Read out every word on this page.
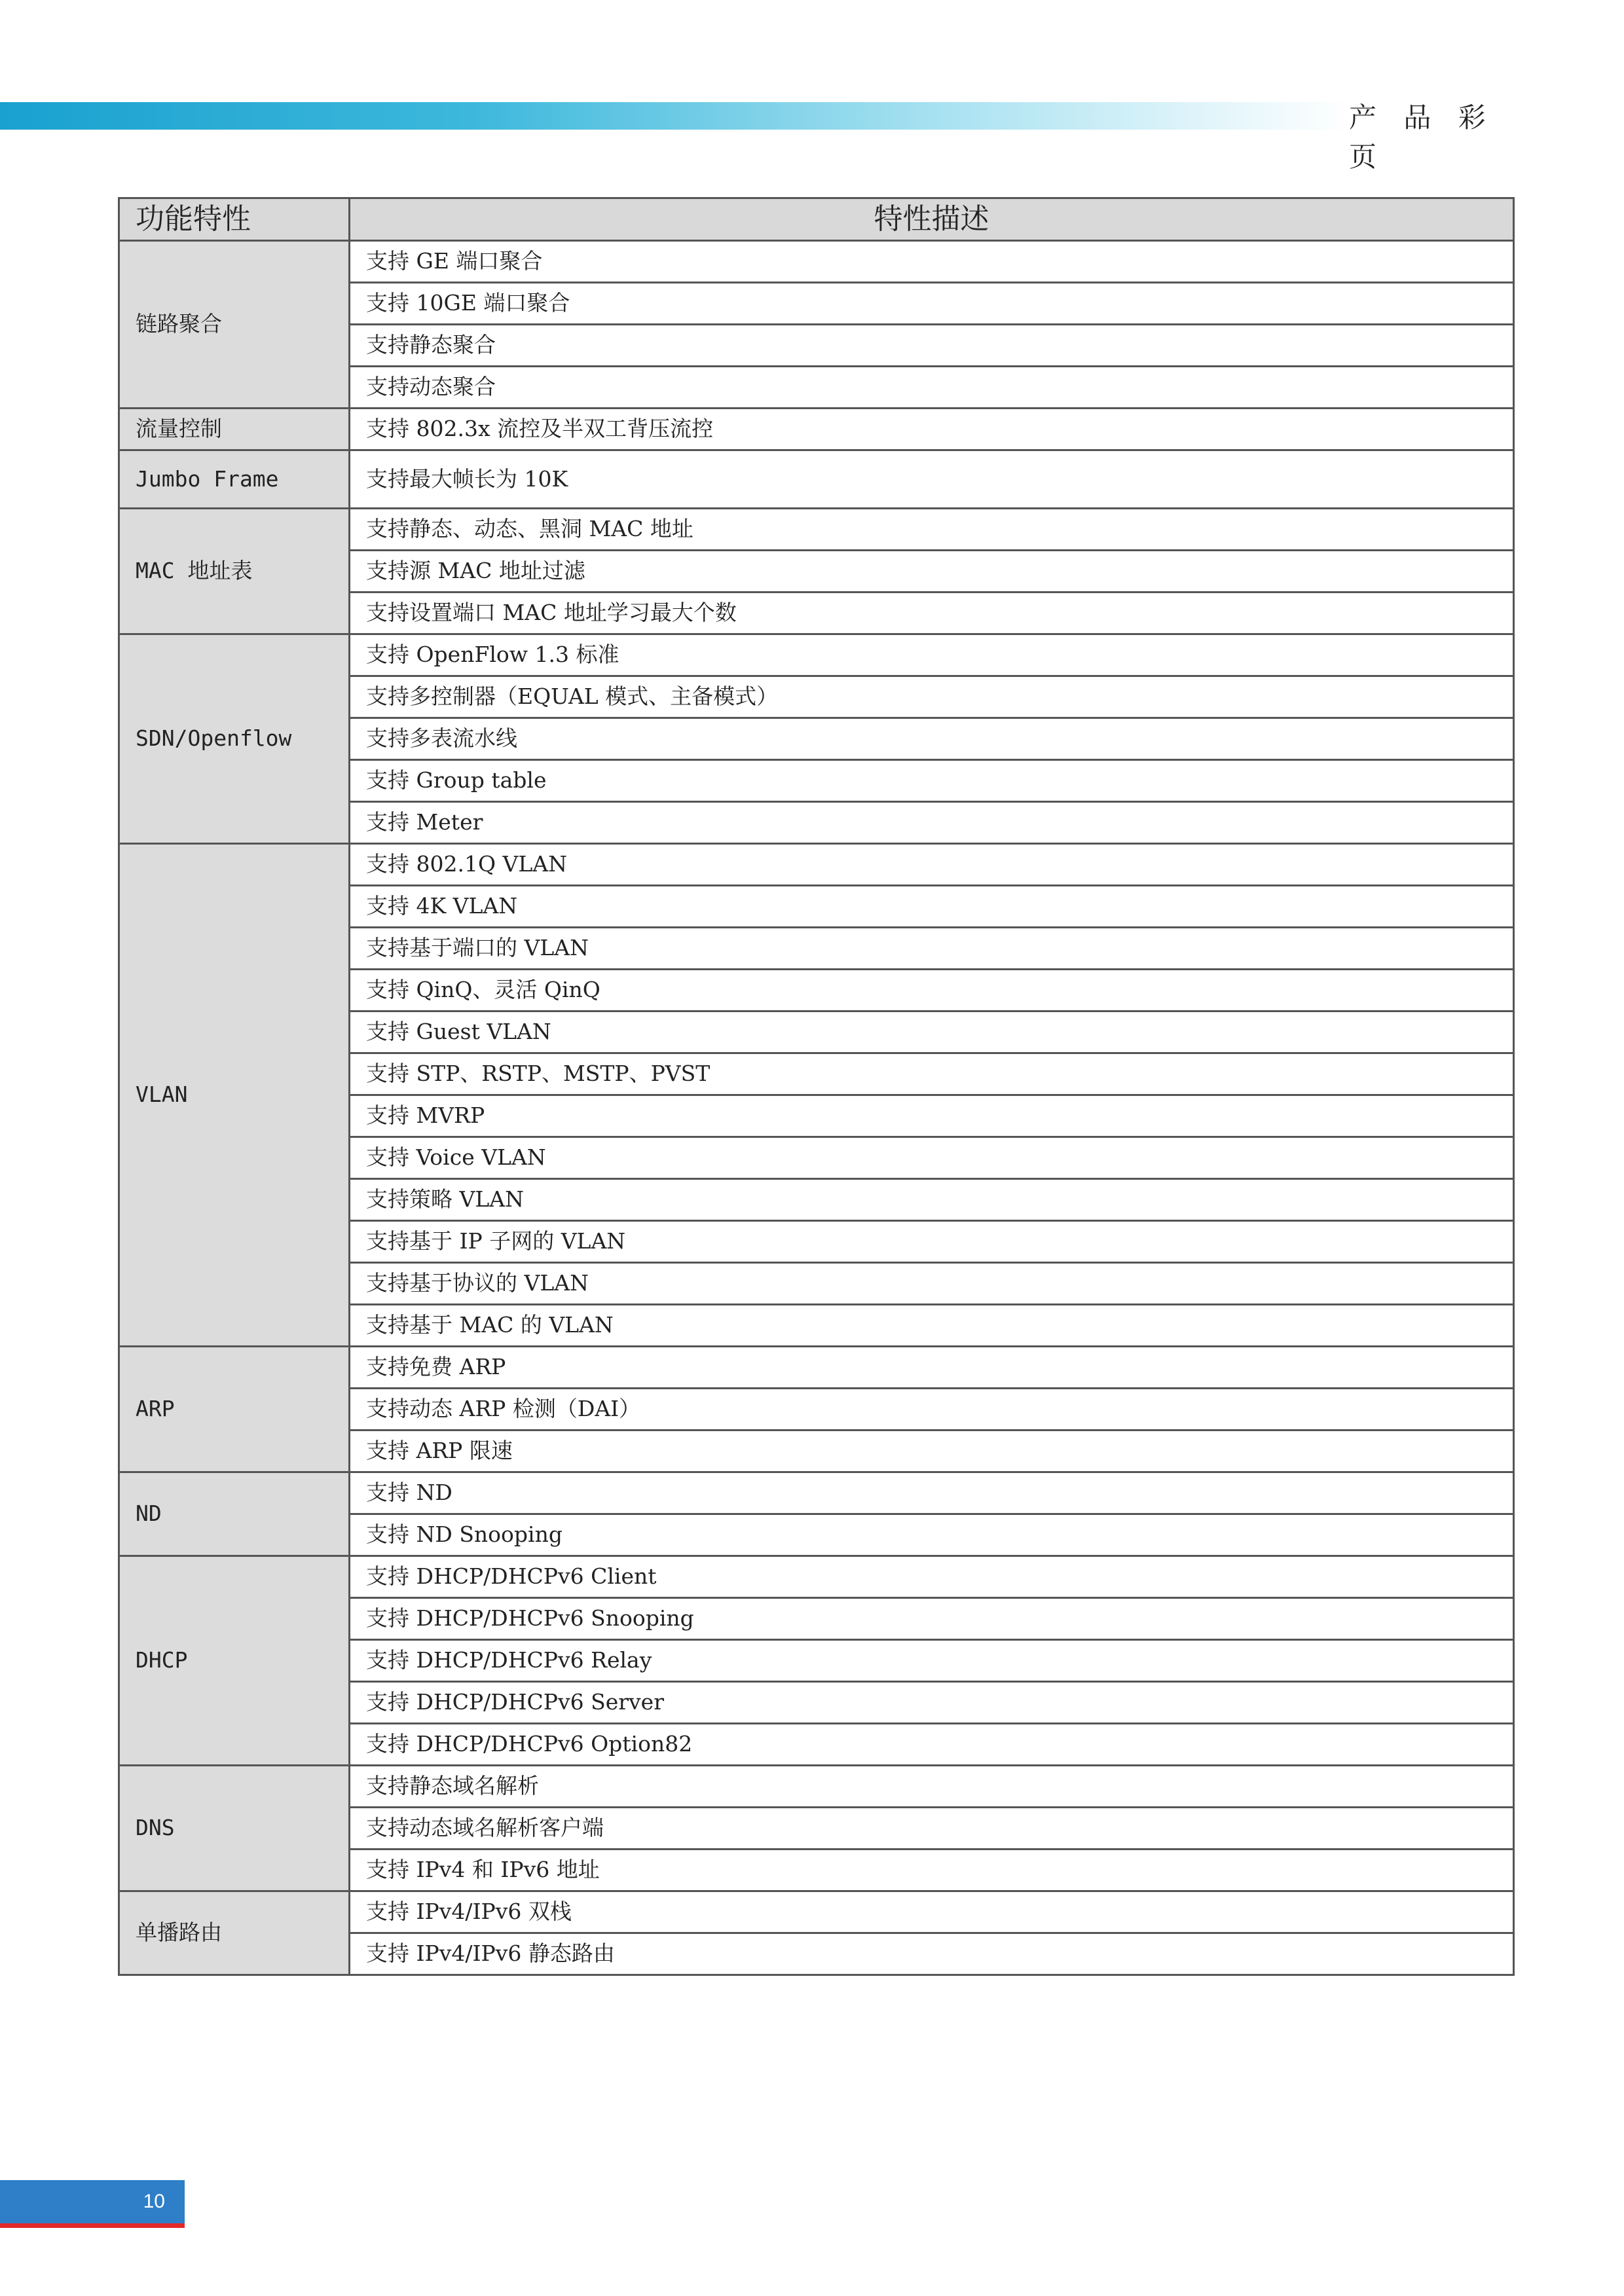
产 品 彩 页
功能特性	特性描述
链路聚合	支持 GE 端口聚合
	支持 10GE 端口聚合
	支持静态聚合
	支持动态聚合
流量控制	支持 802.3x 流控及半双工背压流控
Jumbo Frame	支持最大帧长为 10K
MAC 地址表	支持静态、动态、黑洞 MAC 地址
	支持源 MAC 地址过滤
	支持设置端口 MAC 地址学习最大个数
SDN/Openflow	支持 OpenFlow 1.3 标准
	支持多控制器（EQUAL 模式、主备模式）
	支持多表流水线
	支持 Group table
	支持 Meter
VLAN	支持 802.1Q VLAN
	支持 4K VLAN
	支持基于端口的 VLAN
	支持 QinQ、灵活 QinQ
	支持 Guest VLAN
	支持 STP、RSTP、MSTP、PVST
	支持 MVRP
	支持 Voice VLAN
	支持策略 VLAN
	支持基于 IP 子网的 VLAN
	支持基于协议的 VLAN
	支持基于 MAC 的 VLAN
ARP	支持免费 ARP
	支持动态 ARP 检测（DAI）
	支持 ARP 限速
ND	支持 ND
	支持 ND Snooping
DHCP	支持 DHCP/DHCPv6 Client
	支持 DHCP/DHCPv6 Snooping
	支持 DHCP/DHCPv6 Relay
	支持 DHCP/DHCPv6 Server
	支持 DHCP/DHCPv6 Option82
DNS	支持静态域名解析
	支持动态域名解析客户端
	支持 IPv4 和 IPv6 地址
单播路由	支持 IPv4/IPv6 双栈
	支持 IPv4/IPv6 静态路由
10
